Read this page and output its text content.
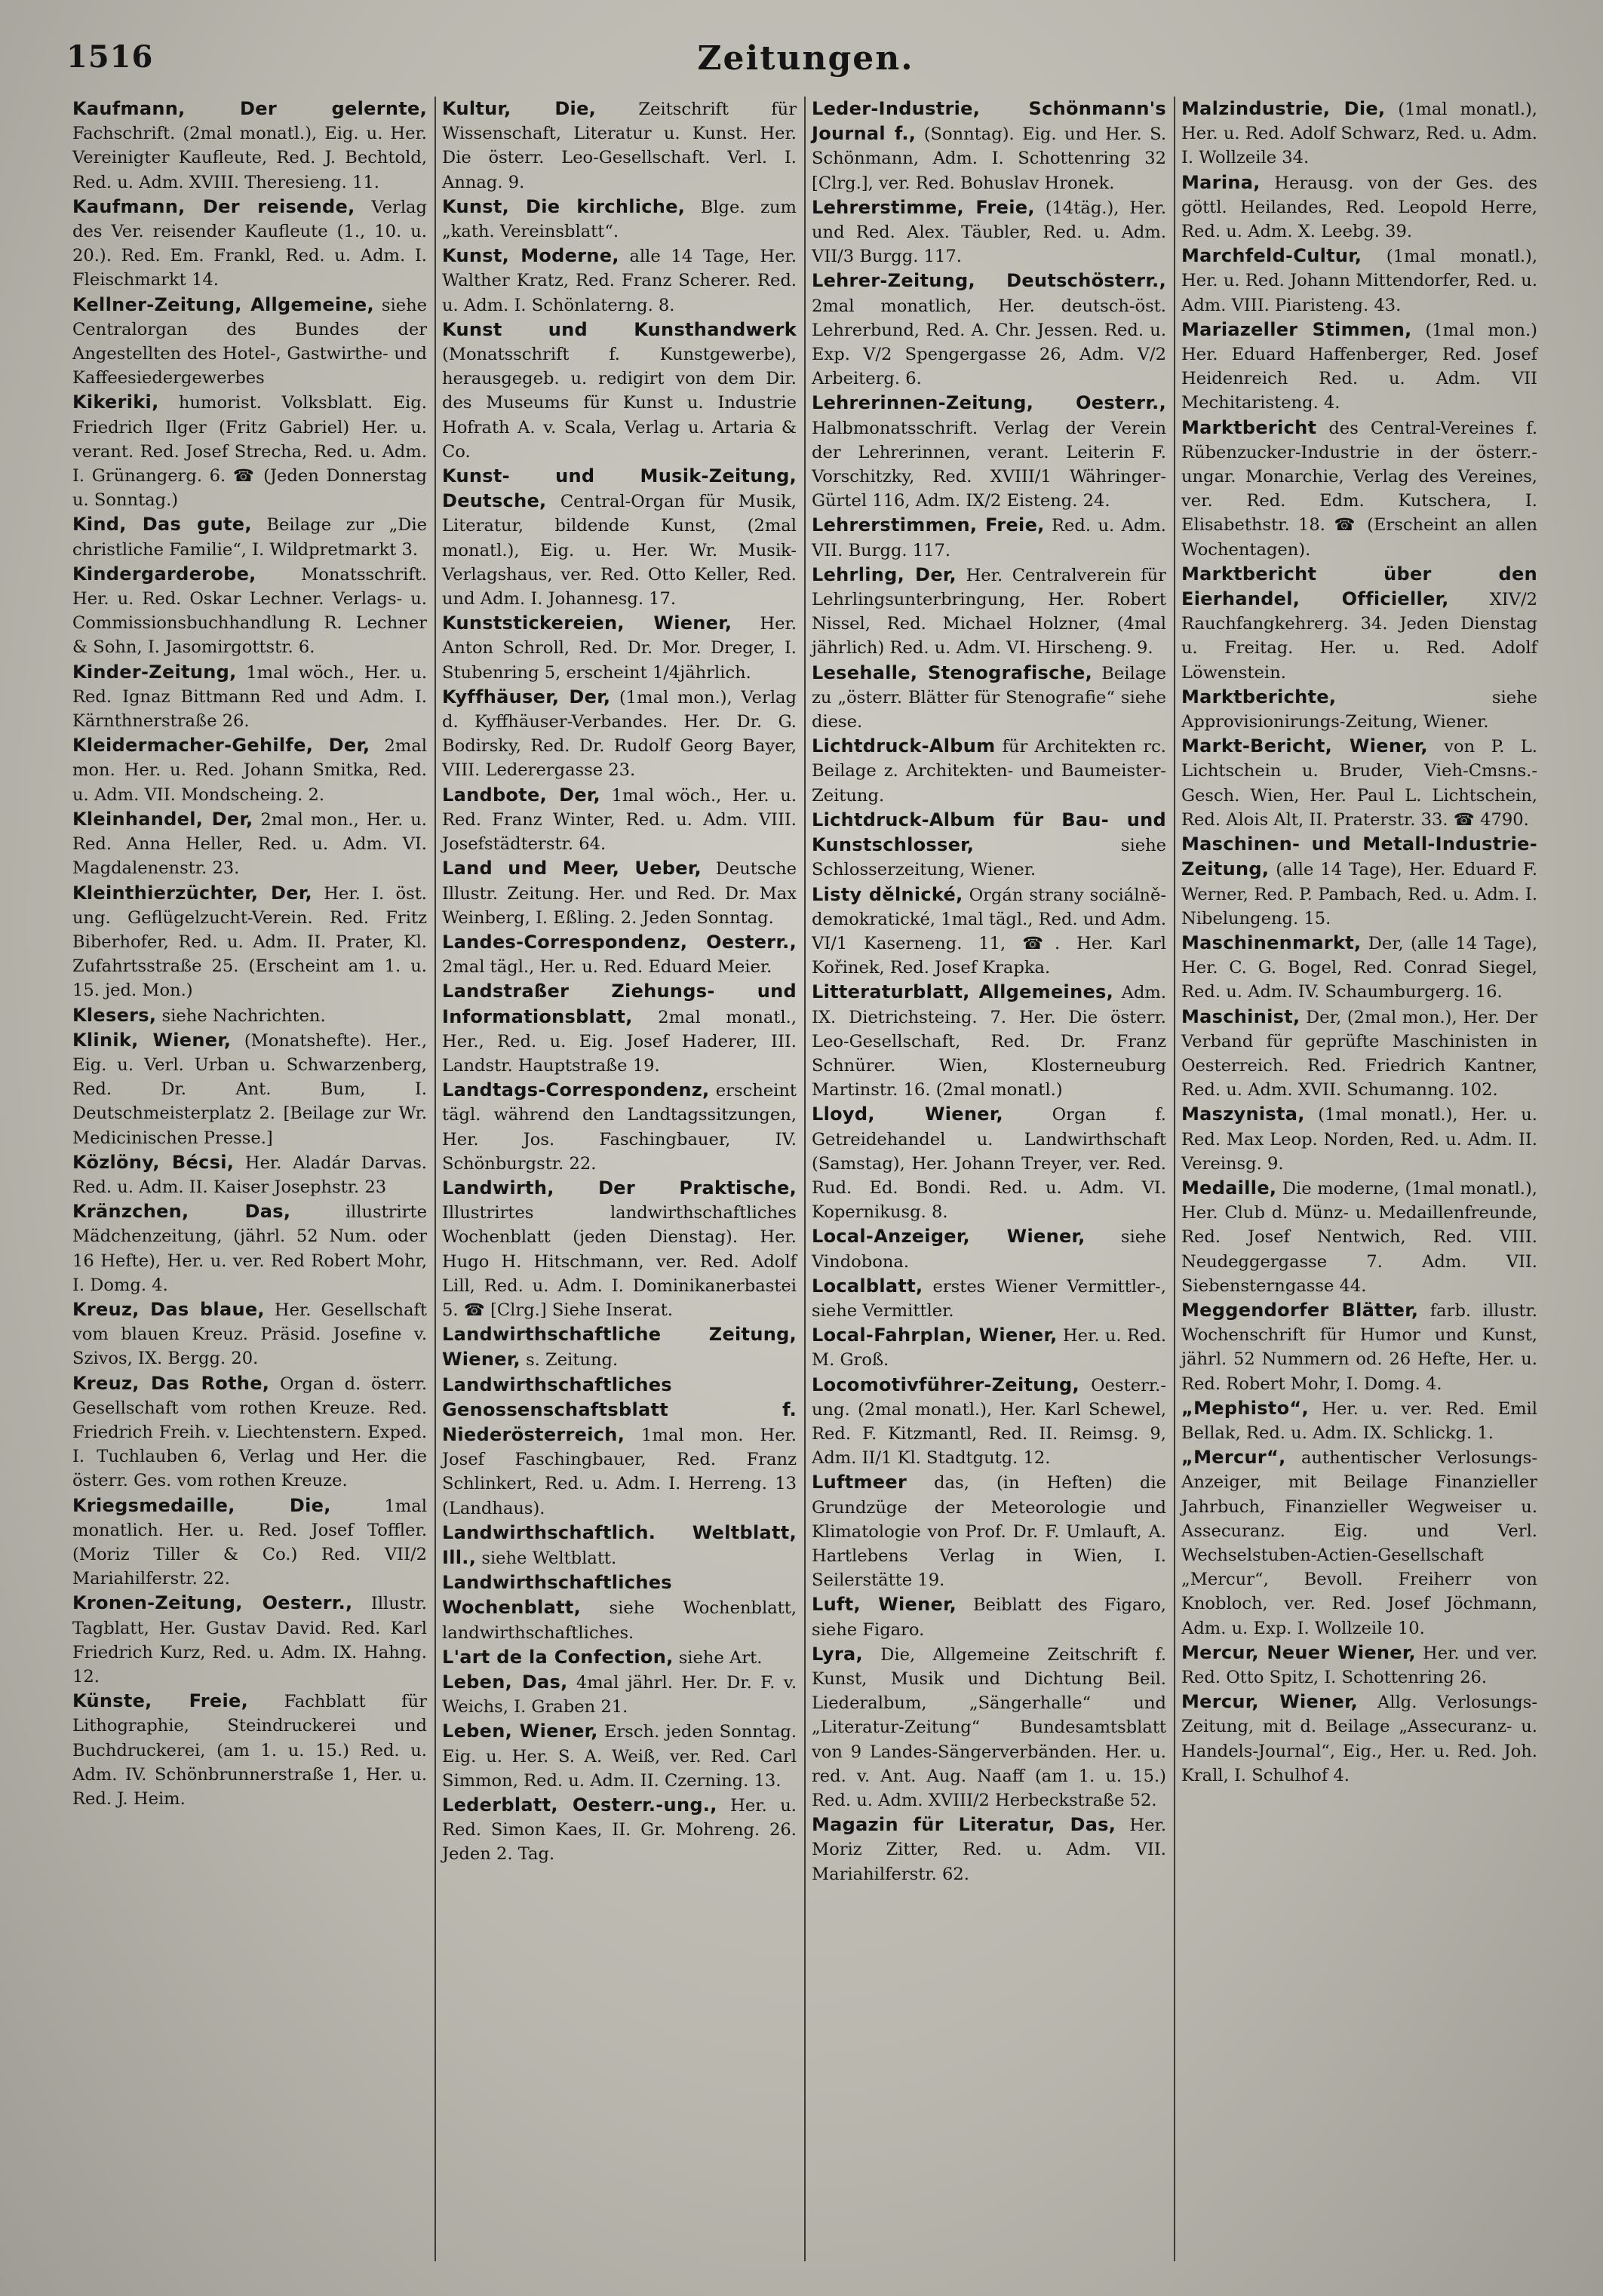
1516	Zeitungen.

Kaufmann, Der gelernte, Fachschrift. (2mal monatl.), Eig. u. Her. Vereinigter Kaufleute, Red. J. Bechtold, Red. u. Adm. XVIII. Theresieng. 11.

Kaufmann, Der reisende, Verlag des Ver. reisender Kaufleute (1., 10. u. 20.). Red. Em. Frankl, Red. u. Adm. I. Fleischmarkt 14.

Kellner-Zeitung, Allgemeine, siehe Centralorgan des Bundes der Angestellten des Hotel-, Gastwirthe- und Kaffeesiedergewerbes

Kikeriki, humorist. Volksblatt. Eig. Friedrich Ilger (Fritz Gabriel) Her. u. verant. Red. Josef Strecha, Red. u. Adm. I. Grünangerg. 6. ☎ (Jeden Donnerstag u. Sonntag.)

Kind, Das gute, Beilage zur „Die christliche Familie“, I. Wildpretmarkt 3.

Kindergarderobe,	Monatsschrift. Her. u. Red. Oskar Lechner. Verlags- u. Commissionsbuchhandlung R. Lechner & Sohn, I. Jasomirgottstr. 6.

Kinder-Zeitung, 1mal wöch., Her. u. Red. Ignaz Bittmann Red und Adm. I. Kärnthnerstraße 26.

Kleidermacher-Gehilfe, Der, 2mal mon. Her. u. Red. Johann Smitka, Red. u. Adm. VII. Mondscheing. 2.

Kleinhandel, Der, 2mal mon., Her. u. Red. Anna Heller, Red. u. Adm. VI. Magdalenenstr. 23.

Kleinthierzüchter, Der, Her. I. öst. ung. Geflügelzucht-Verein. Red. Fritz Biberhofer, Red. u. Adm. II. Prater, Kl. Zufahrtsstraße 25. (Erscheint am 1. u. 15. jed. Mon.)

Klesers, siehe Nachrichten.

Klinik, Wiener, (Monatshefte). Her., Eig. u. Verl. Urban u. Schwarzenberg, Red. Dr. Ant. Bum, I. Deutschmeisterplatz 2. [Beilage zur Wr. Medicinischen Presse.]

Közlöny, Bécsi, Her. Aladár Darvas. Red. u. Adm. II. Kaiser Josephstr. 23

Kränzchen, Das,	illustrirte Mädchenzeitung, (jährl. 52 Num. oder 16 Hefte), Her. u. ver. Red Robert Mohr, I. Domg. 4.

Kreuz, Das blaue, Her. Gesellschaft vom blauen Kreuz. Präsid. Josefine v. Szivos, IX. Bergg. 20.

Kreuz, Das Rothe, Organ d. österr. Gesellschaft vom rothen Kreuze. Red. Friedrich Freih. v. Liechtenstern. Exped. I. Tuchlauben 6, Verlag und Her. die österr. Ges. vom rothen Kreuze.

Kriegsmedaille, Die,	1mal monatlich. Her. u. Red. Josef Toffler. (Moriz Tiller & Co.) Red. VII/2 Mariahilferstr. 22.

Kronen-Zeitung, Oesterr., Illustr. Tagblatt, Her. Gustav David. Red. Karl Friedrich Kurz, Red. u. Adm. IX. Hahng. 12.

Künste, Freie, Fachblatt für Lithographie, Steindruckerei und Buchdruckerei, (am 1. u. 15.) Red. u. Adm. IV. Schönbrunnerstraße 1, Her. u. Red. J. Heim.

Kultur, Die, Zeitschrift für Wissenschaft, Literatur u. Kunst. Her. Die österr. Leo-Gesellschaft. Verl. I. Annag. 9.

Kunst, Die kirchliche, Blge. zum „kath. Vereinsblatt“.

Kunst, Moderne, alle 14 Tage, Her. Walther Kratz, Red. Franz Scherer. Red. u. Adm. I. Schönlaterng. 8.

Kunst und Kunsthandwerk (Monatsschrift f. Kunstgewerbe), herausgegeb. u. redigirt von dem Dir. des Museums für Kunst u. Industrie Hofrath A. v. Scala, Verlag u. Artaria & Co.

Kunst- und Musik-Zeitung, Deutsche, Central-Organ für Musik, Literatur, bildende Kunst, (2mal monatl.), Eig. u. Her. Wr. Musik-Verlagshaus, ver. Red. Otto Keller, Red. und Adm. I. Johannesg. 17.

Kunststickereien, Wiener, Her. Anton Schroll, Red. Dr. Mor. Dreger, I. Stubenring 5, erscheint 1/4jährlich.

Kyffhäuser, Der, (1mal mon.), Verlag d. Kyffhäuser-Verbandes. Her. Dr. G. Bodirsky, Red. Dr. Rudolf Georg Bayer, VIII. Lederergasse 23.

Landbote, Der, 1mal wöch., Her. u. Red. Franz Winter, Red. u. Adm. VIII. Josefstädterstr. 64.

Land und Meer, Ueber, Deutsche Illustr. Zeitung. Her. und Red. Dr. Max Weinberg, I. Eßling. 2. Jeden Sonntag.

Landes-Correspondenz, Oesterr., 2mal tägl., Her. u. Red. Eduard Meier.

Landstraßer Ziehungs- und Informationsblatt, 2mal monatl., Her., Red. u. Eig. Josef Haderer, III. Landstr. Hauptstraße 19.

Landtags-Correspondenz, erscheint tägl. während den Landtagssitzungen, Her. Jos. Faschingbauer, IV. Schönburgstr. 22.

Landwirth, Der Praktische, Illustrirtes landwirthschaftliches Wochenblatt (jeden Dienstag). Her. Hugo H. Hitschmann, ver. Red. Adolf Lill, Red. u. Adm. I. Dominikanerbastei 5. ☎ [Clrg.] Siehe Inserat.

Landwirthschaftliche Zeitung, Wiener, s. Zeitung.

Landwirthschaftliches Genossenschaftsblatt f. Niederösterreich, 1mal mon. Her. Josef Faschingbauer, Red. Franz Schlinkert, Red. u. Adm. I. Herreng. 13 (Landhaus).

Landwirthschaftlich. Weltblatt, Ill., siehe Weltblatt.

Landwirthschaftliches Wochenblatt, siehe Wochenblatt, landwirthschaftliches.

L'art de la Confection, siehe Art.

Leben, Das, 4mal jährl. Her. Dr. F. v. Weichs, I. Graben 21.

Leben, Wiener, Ersch. jeden Sonntag. Eig. u. Her. S. A. Weiß, ver. Red. Carl Simmon, Red. u. Adm. II. Czerning. 13.

Lederblatt, Oesterr.-ung., Her. u. Red. Simon Kaes, II. Gr. Mohreng. 26. Jeden 2. Tag.

Leder-Industrie, Schönmann's Journal f., (Sonntag). Eig. und Her. S. Schönmann, Adm. I. Schottenring 32 [Clrg.], ver. Red. Bohuslav Hronek.

Lehrerstimme, Freie, (14täg.), Her. und Red. Alex. Täubler, Red. u. Adm. VII/3 Burgg. 117.

Lehrer-Zeitung, Deutschösterr., 2mal monatlich, Her. deutsch-öst. Lehrerbund, Red. A. Chr. Jessen. Red. u. Exp. V/2 Spengergasse 26, Adm. V/2 Arbeiterg. 6.

Lehrerinnen-Zeitung, Oesterr., Halbmonatsschrift. Verlag der Verein der Lehrerinnen, verant. Leiterin F. Vorschitzky, Red. XVIII/1 Währinger-Gürtel 116, Adm. IX/2 Eisteng. 24.

Lehrerstimmen, Freie, Red. u. Adm. VII. Burgg. 117.

Lehrling, Der, Her. Centralverein für Lehrlingsunterbringung, Her. Robert Nissel, Red. Michael Holzner, (4mal jährlich) Red. u. Adm. VI. Hirscheng. 9.

Lesehalle, Stenografische, Beilage zu „österr. Blätter für Stenografie“ siehe diese.

Lichtdruck-Album für Architekten rc. Beilage z. Architekten- und Baumeister-Zeitung.

Lichtdruck-Album für Bau- und Kunstschlosser,	siehe Schlosserzeitung, Wiener.

Listy dělnické, Orgán strany sociálně-demokratické, 1mal tägl., Red. und Adm. VI/1 Kaserneng. 11, ☎. Her. Karl Kořinek, Red. Josef Krapka.

Litteraturblatt, Allgemeines, Adm. IX. Dietrichsteing. 7. Her. Die österr. Leo-Gesellschaft, Red. Dr. Franz Schnürer. Wien, Klosterneuburg Martinstr. 16. (2mal monatl.)

Lloyd, Wiener,	Organ f. Getreidehandel u. Landwirthschaft (Samstag), Her. Johann Treyer, ver. Red. Rud. Ed. Bondi. Red. u. Adm. VI. Kopernikusg. 8.

Local-Anzeiger, Wiener, siehe Vindobona.

Localblatt, erstes Wiener Vermittler-, siehe Vermittler.

Local-Fahrplan, Wiener, Her. u. Red. M. Groß.

Locomotivführer-Zeitung, Oesterr.-ung. (2mal monatl.), Her. Karl Schewel, Red. F. Kitzmantl, Red. II. Reimsg. 9, Adm. II/1 Kl. Stadtgutg. 12.

Luftmeer das, (in Heften) die Grundzüge der Meteorologie und Klimatologie von Prof. Dr. F. Umlauft, A. Hartlebens Verlag in Wien, I. Seilerstätte 19.

Luft, Wiener, Beiblatt des Figaro, siehe Figaro.

Lyra, Die, Allgemeine Zeitschrift f. Kunst, Musik und Dichtung Beil. Liederalbum, „Sängerhalle“ und „Literatur-Zeitung“ Bundesamtsblatt von 9 Landes-Sängerverbänden. Her. u. red. v. Ant. Aug. Naaff (am 1. u. 15.) Red. u. Adm. XVIII/2 Herbeckstraße 52.

Magazin für Literatur, Das, Her. Moriz Zitter, Red. u. Adm. VII. Mariahilferstr. 62.

Malzindustrie, Die, (1mal monatl.), Her. u. Red. Adolf Schwarz, Red. u. Adm. I. Wollzeile 34.

Marina, Herausg. von der Ges. des göttl. Heilandes, Red. Leopold Herre, Red. u. Adm. X. Leebg. 39.

Marchfeld-Cultur, (1mal monatl.), Her. u. Red. Johann Mittendorfer, Red. u. Adm. VIII. Piaristeng. 43.

Mariazeller Stimmen, (1mal mon.) Her. Eduard Haffenberger, Red. Josef Heidenreich Red. u. Adm. VII Mechitaristeng. 4.

Marktbericht des Central-Vereines f. Rübenzucker-Industrie in der österr.-ungar. Monarchie, Verlag des Vereines, ver. Red. Edm. Kutschera, I. Elisabethstr. 18. ☎ (Erscheint an allen Wochentagen).

Marktbericht über den Eierhandel, Officieller, XIV/2 Rauchfangkehrerg. 34. Jeden Dienstag u. Freitag. Her. u. Red. Adolf Löwenstein.

Marktberichte,	siehe Approvisionirungs-Zeitung, Wiener.

Markt-Bericht, Wiener, von P. L. Lichtschein u. Bruder, Vieh-Cmsns.-Gesch. Wien, Her. Paul L. Lichtschein, Red. Alois Alt, II. Praterstr. 33. ☎ 4790.

Maschinen- und Metall-Industrie-Zeitung, (alle 14 Tage), Her. Eduard F. Werner, Red. P. Pambach, Red. u. Adm. I. Nibelungeng. 15.

Maschinenmarkt, Der, (alle 14 Tage), Her. C. G. Bogel, Red. Conrad Siegel, Red. u. Adm. IV. Schaumburgerg. 16.

Maschinist, Der, (2mal mon.), Her. Der Verband für geprüfte Maschinisten in Oesterreich. Red. Friedrich Kantner, Red. u. Adm. XVII. Schumanng. 102.

Maszynista, (1mal monatl.), Her. u. Red. Max Leop. Norden, Red. u. Adm. II. Vereinsg. 9.

Medaille, Die moderne, (1mal monatl.), Her. Club d. Münz- u. Medaillenfreunde, Red. Josef Nentwich, Red. VIII. Neudeggergasse 7. Adm. VII. Siebensterngasse 44.

Meggendorfer Blätter, farb. illustr. Wochenschrift für Humor und Kunst, jährl. 52 Nummern od. 26 Hefte, Her. u. Red. Robert Mohr, I. Domg. 4.

„Mephisto“, Her. u. ver. Red. Emil Bellak, Red. u. Adm. IX. Schlickg. 1.

„Mercur“, authentischer Verlosungs-Anzeiger, mit Beilage Finanzieller Jahrbuch, Finanzieller Wegweiser u. Assecuranz. Eig. und Verl. Wechselstuben-Actien-Gesellschaft „Mercur“, Bevoll. Freiherr von Knobloch, ver. Red. Josef Jöchmann, Adm. u. Exp. I. Wollzeile 10.

Mercur, Neuer Wiener, Her. und ver. Red. Otto Spitz, I. Schottenring 26.

Mercur, Wiener, Allg. Verlosungs-Zeitung, mit d. Beilage „Assecuranz- u. Handels-Journal“, Eig., Her. u. Red. Joh. Krall, I. Schulhof 4.
